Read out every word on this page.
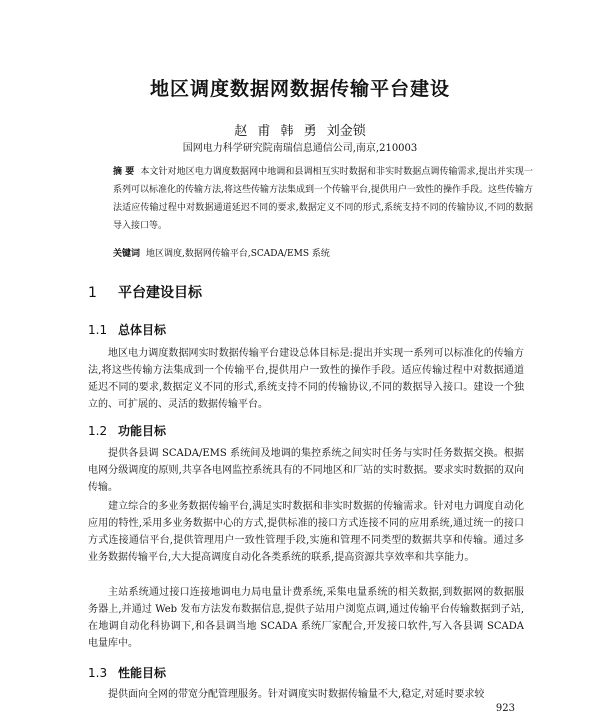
地区调度数据网数据传输平台建设
赵 甫 韩 勇 刘金锁
国网电力科学研究院南瑞信息通信公司,南京,210003
摘 要 本文针对地区电力调度数据网中地调和县调相互实时数据和非实时数据点调传输需求,提出并实现一系列可以标准化的传输方法,将这些传输方法集成到一个传输平台,提供用户一致性的操作手段。这些传输方法适应传输过程中对数据通道延迟不同的要求,数据定义不同的形式,系统支持不同的传输协议,不同的数据导入接口等。
关键词 地区调度,数据网传输平台,SCADA/EMS 系统
1 平台建设目标
1.1 总体目标
地区电力调度数据网实时数据传输平台建设总体目标是:提出并实现一系列可以标准化的传输方法,将这些传输方法集成到一个传输平台,提供用户一致性的操作手段。适应传输过程中对数据通道延迟不同的要求,数据定义不同的形式,系统支持不同的传输协议,不同的数据导入接口。建设一个独立的、可扩展的、灵活的数据传输平台。
1.2 功能目标
提供各县调 SCADA/EMS 系统间及地调的集控系统之间实时任务与实时任务数据交换。根据电网分级调度的原则,共享各电网监控系统具有的不同地区和厂站的实时数据。要求实时数据的双向传输。
建立综合的多业务数据传输平台,满足实时数据和非实时数据的传输需求。针对电力调度自动化应用的特性,采用多业务数据中心的方式,提供标准的接口方式连接不同的应用系统,通过统一的接口方式连接通信平台,提供管理用户一致性管理手段,实施和管理不同类型的数据共享和传输。通过多业务数据传输平台,大大提高调度自动化各类系统的联系,提高资源共享效率和共享能力。
主站系统通过接口连接地调电力局电量计费系统,采集电量系统的相关数据,到数据网的数据服务器上,并通过 Web 发布方法发布数据信息,提供子站用户浏览点调,通过传输平台传输数据到子站,在地调自动化科协调下,和各县调当地 SCADA 系统厂家配合,开发接口软件,写入各县调 SCADA 电量库中。
1.3 性能目标
提供面向全网的带宽分配管理服务。针对调度实时数据传输量不大,稳定,对延时要求较
923
